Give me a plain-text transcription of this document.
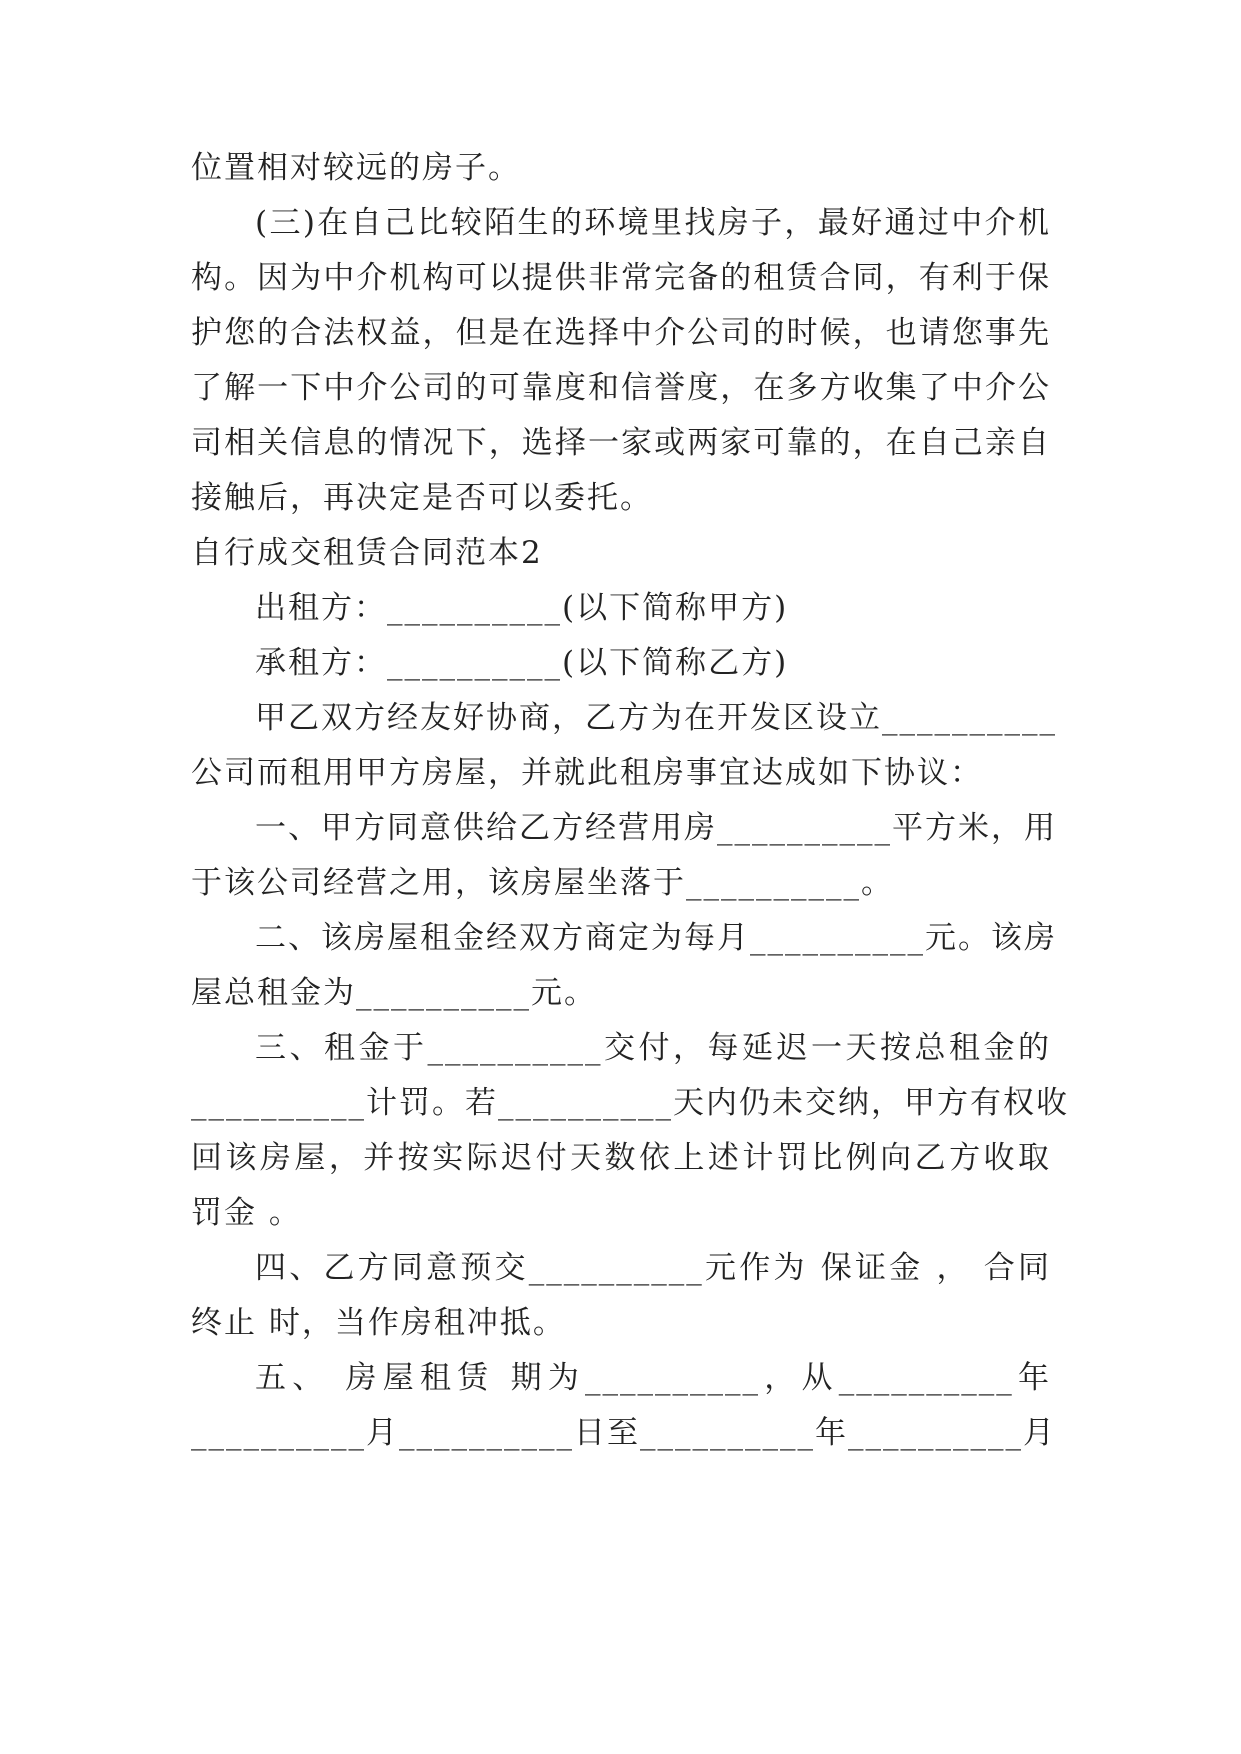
位置相对较远的房子。
(三)在自己比较陌生的环境里找房子，最好通过中介机
构。因为中介机构可以提供非常完备的租赁合同，有利于保
护您的合法权益，但是在选择中介公司的时候，也请您事先
了解一下中介公司的可靠度和信誉度，在多方收集了中介公
司相关信息的情况下，选择一家或两家可靠的，在自己亲自
接触后，再决定是否可以委托。
自行成交租赁合同范本2
出租方：__________(以下简称甲方)
承租方：__________(以下简称乙方)
甲乙双方经友好协商，乙方为在开发区设立__________
公司而租用甲方房屋，并就此租房事宜达成如下协议：
一、甲方同意供给乙方经营用房__________平方米，用
于该公司经营之用，该房屋坐落于__________。
二、该房屋租金经双方商定为每月__________元。该房
屋总租金为__________元。
三、租金于__________交付，每延迟一天按总租金的
__________计罚。若__________天内仍未交纳，甲方有权收
回该房屋，并按实际迟付天数依上述计罚比例向乙方收取
罚金 。
四、乙方同意预交__________元作为 保证金 ， 合同
终止 时，当作房租冲抵。
五、 房屋租赁 期为__________，从__________年
__________月__________日至__________年__________月
